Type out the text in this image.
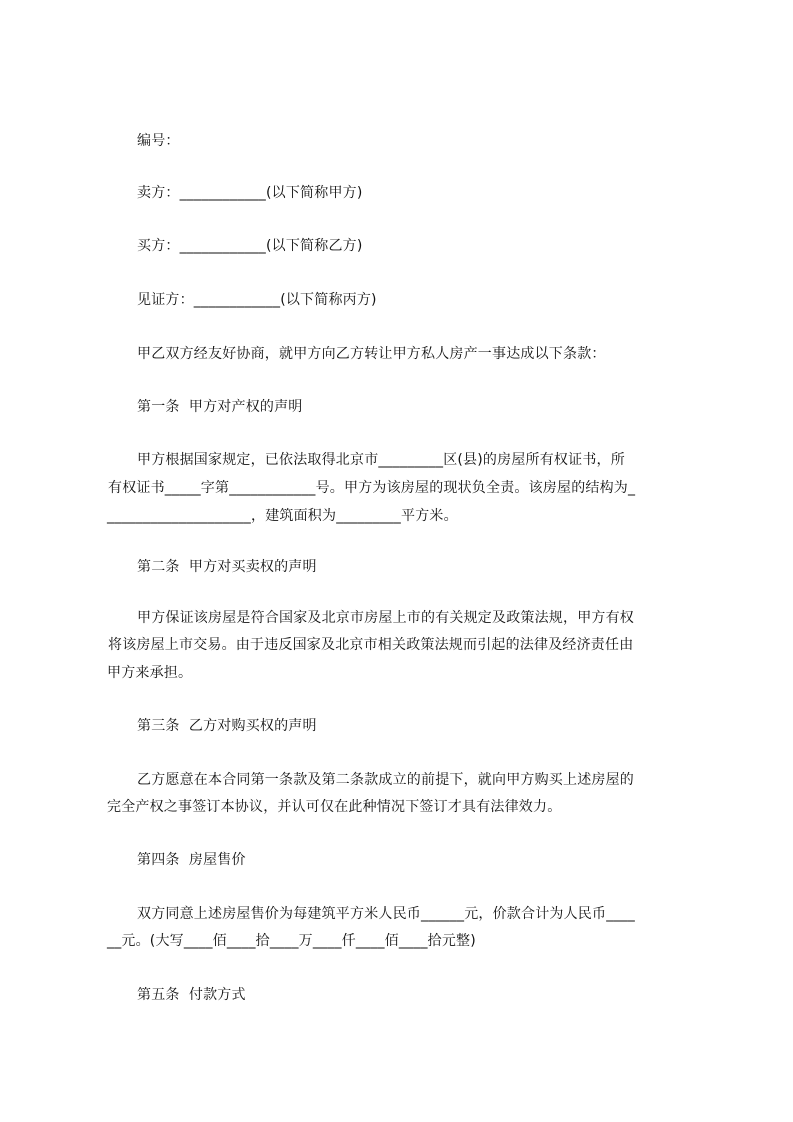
编号：
卖方：____________(以下简称甲方)
买方：____________(以下简称乙方)
见证方：____________(以下简称丙方)
甲乙双方经友好协商，就甲方向乙方转让甲方私人房产一事达成以下条款：
第一条  甲方对产权的声明
甲方根据国家规定，已依法取得北京市_________区(县)的房屋所有权证书，所
有权证书_____字第____________号。甲方为该房屋的现状负全责。该房屋的结构为_
____________________，建筑面积为_________平方米。
第二条  甲方对买卖权的声明
甲方保证该房屋是符合国家及北京市房屋上市的有关规定及政策法规，甲方有权
将该房屋上市交易。由于违反国家及北京市相关政策法规而引起的法律及经济责任由
甲方来承担。
第三条  乙方对购买权的声明
乙方愿意在本合同第一条款及第二条款成立的前提下，就向甲方购买上述房屋的
完全产权之事签订本协议，并认可仅在此种情况下签订才具有法律效力。
第四条  房屋售价
双方同意上述房屋售价为每建筑平方米人民币______元，价款合计为人民币____
__元。(大写____佰____拾____万____仟____佰____拾元整)
第五条  付款方式
